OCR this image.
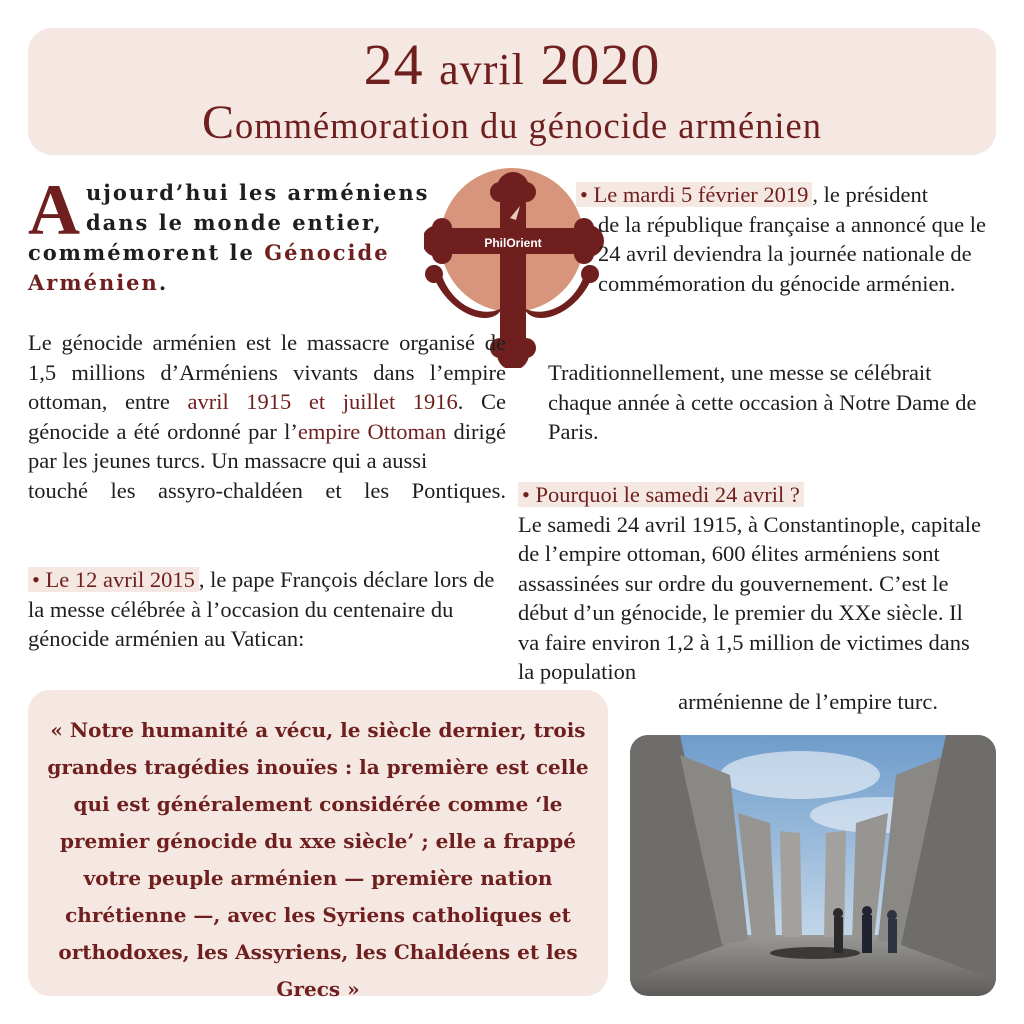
24 avril 2020
Commémoration du génocide arménien
A ujourd’hui les arméniens dans le monde entier, commémorent le Génocide Arménien.
PhilOrient
Le génocide arménien est le massacre organisé de 1,5 millions d’Arméniens vivants dans l’empire ottoman, entre avril 1915 et juillet 1916. Ce génocide a été ordonné par l’empire Ottoman dirigé par les jeunes turcs. Un massacre qui a aussi
touché les assyro-chaldéen et les Pontiques.
• Le 12 avril 2015 , le pape François déclare lors de la messe célébrée à l’occasion du centenaire du génocide arménien au Vatican:
• Le mardi 5 février 2019 , le président
de la république française a annoncé que le 24 avril deviendra la journée nationale de commémoration du génocide arménien.
Traditionnellement, une messe se célébrait chaque année à cette occasion à Notre Dame de Paris.
• Pourquoi le samedi 24 avril ?
Le samedi 24 avril 1915, à Constantinople, capitale de l’empire ottoman, 600 élites arméniens sont assassinées sur ordre du gouvernement. C’est le début d’un génocide, le premier du XXe siècle. Il va faire environ 1,2 à 1,5 million de victimes dans la population
arménienne de l’empire turc.
« Notre humanité a vécu, le siècle dernier, trois grandes tragédies inouïes : la première est celle qui est généralement considérée comme ‘le premier génocide du xxe siècle’ ; elle a frappé votre peuple arménien — première nation chrétienne —, avec les Syriens catholiques et orthodoxes, les Assyriens, les Chaldéens et les Grecs »
